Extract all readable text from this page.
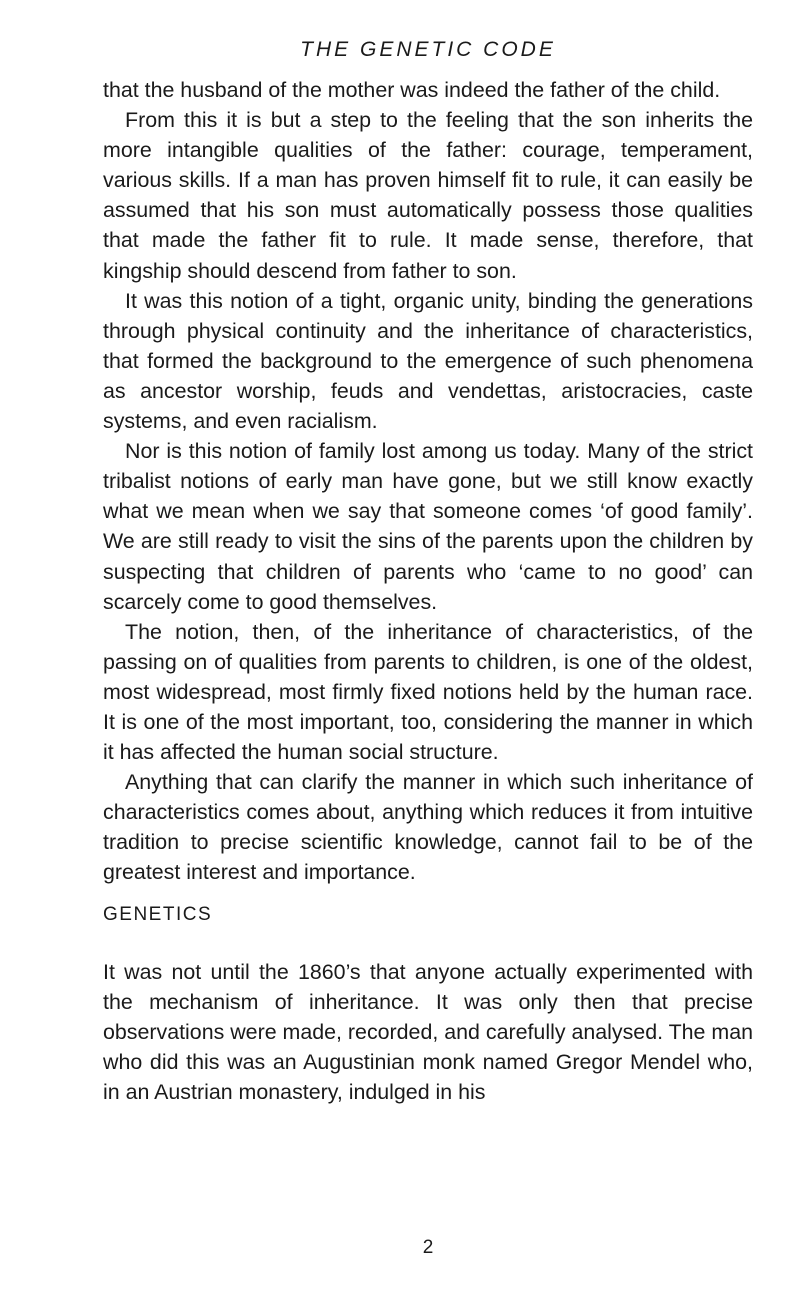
THE GENETIC CODE

that the husband of the mother was indeed the father of the child.

From this it is but a step to the feeling that the son inherits the more intangible qualities of the father: courage, temperament, various skills. If a man has proven himself fit to rule, it can easily be assumed that his son must automatically possess those qualities that made the father fit to rule. It made sense, therefore, that kingship should descend from father to son.

It was this notion of a tight, organic unity, binding the generations through physical continuity and the inheritance of characteristics, that formed the background to the emergence of such phenomena as ancestor worship, feuds and vendettas, aristocracies, caste systems, and even racialism.

Nor is this notion of family lost among us today. Many of the strict tribalist notions of early man have gone, but we still know exactly what we mean when we say that someone comes ‘of good family’. We are still ready to visit the sins of the parents upon the children by suspecting that children of parents who ‘came to no good’ can scarcely come to good themselves.

The notion, then, of the inheritance of characteristics, of the passing on of qualities from parents to children, is one of the oldest, most widespread, most firmly fixed notions held by the human race. It is one of the most important, too, considering the manner in which it has affected the human social structure.

Anything that can clarify the manner in which such inheritance of characteristics comes about, anything which reduces it from intuitive tradition to precise scientific knowledge, cannot fail to be of the greatest interest and importance.

GENETICS

It was not until the 1860’s that anyone actually experimented with the mechanism of inheritance. It was only then that precise observations were made, recorded, and carefully analysed. The man who did this was an Augustinian monk named Gregor Mendel who, in an Austrian monastery, indulged in his

2
